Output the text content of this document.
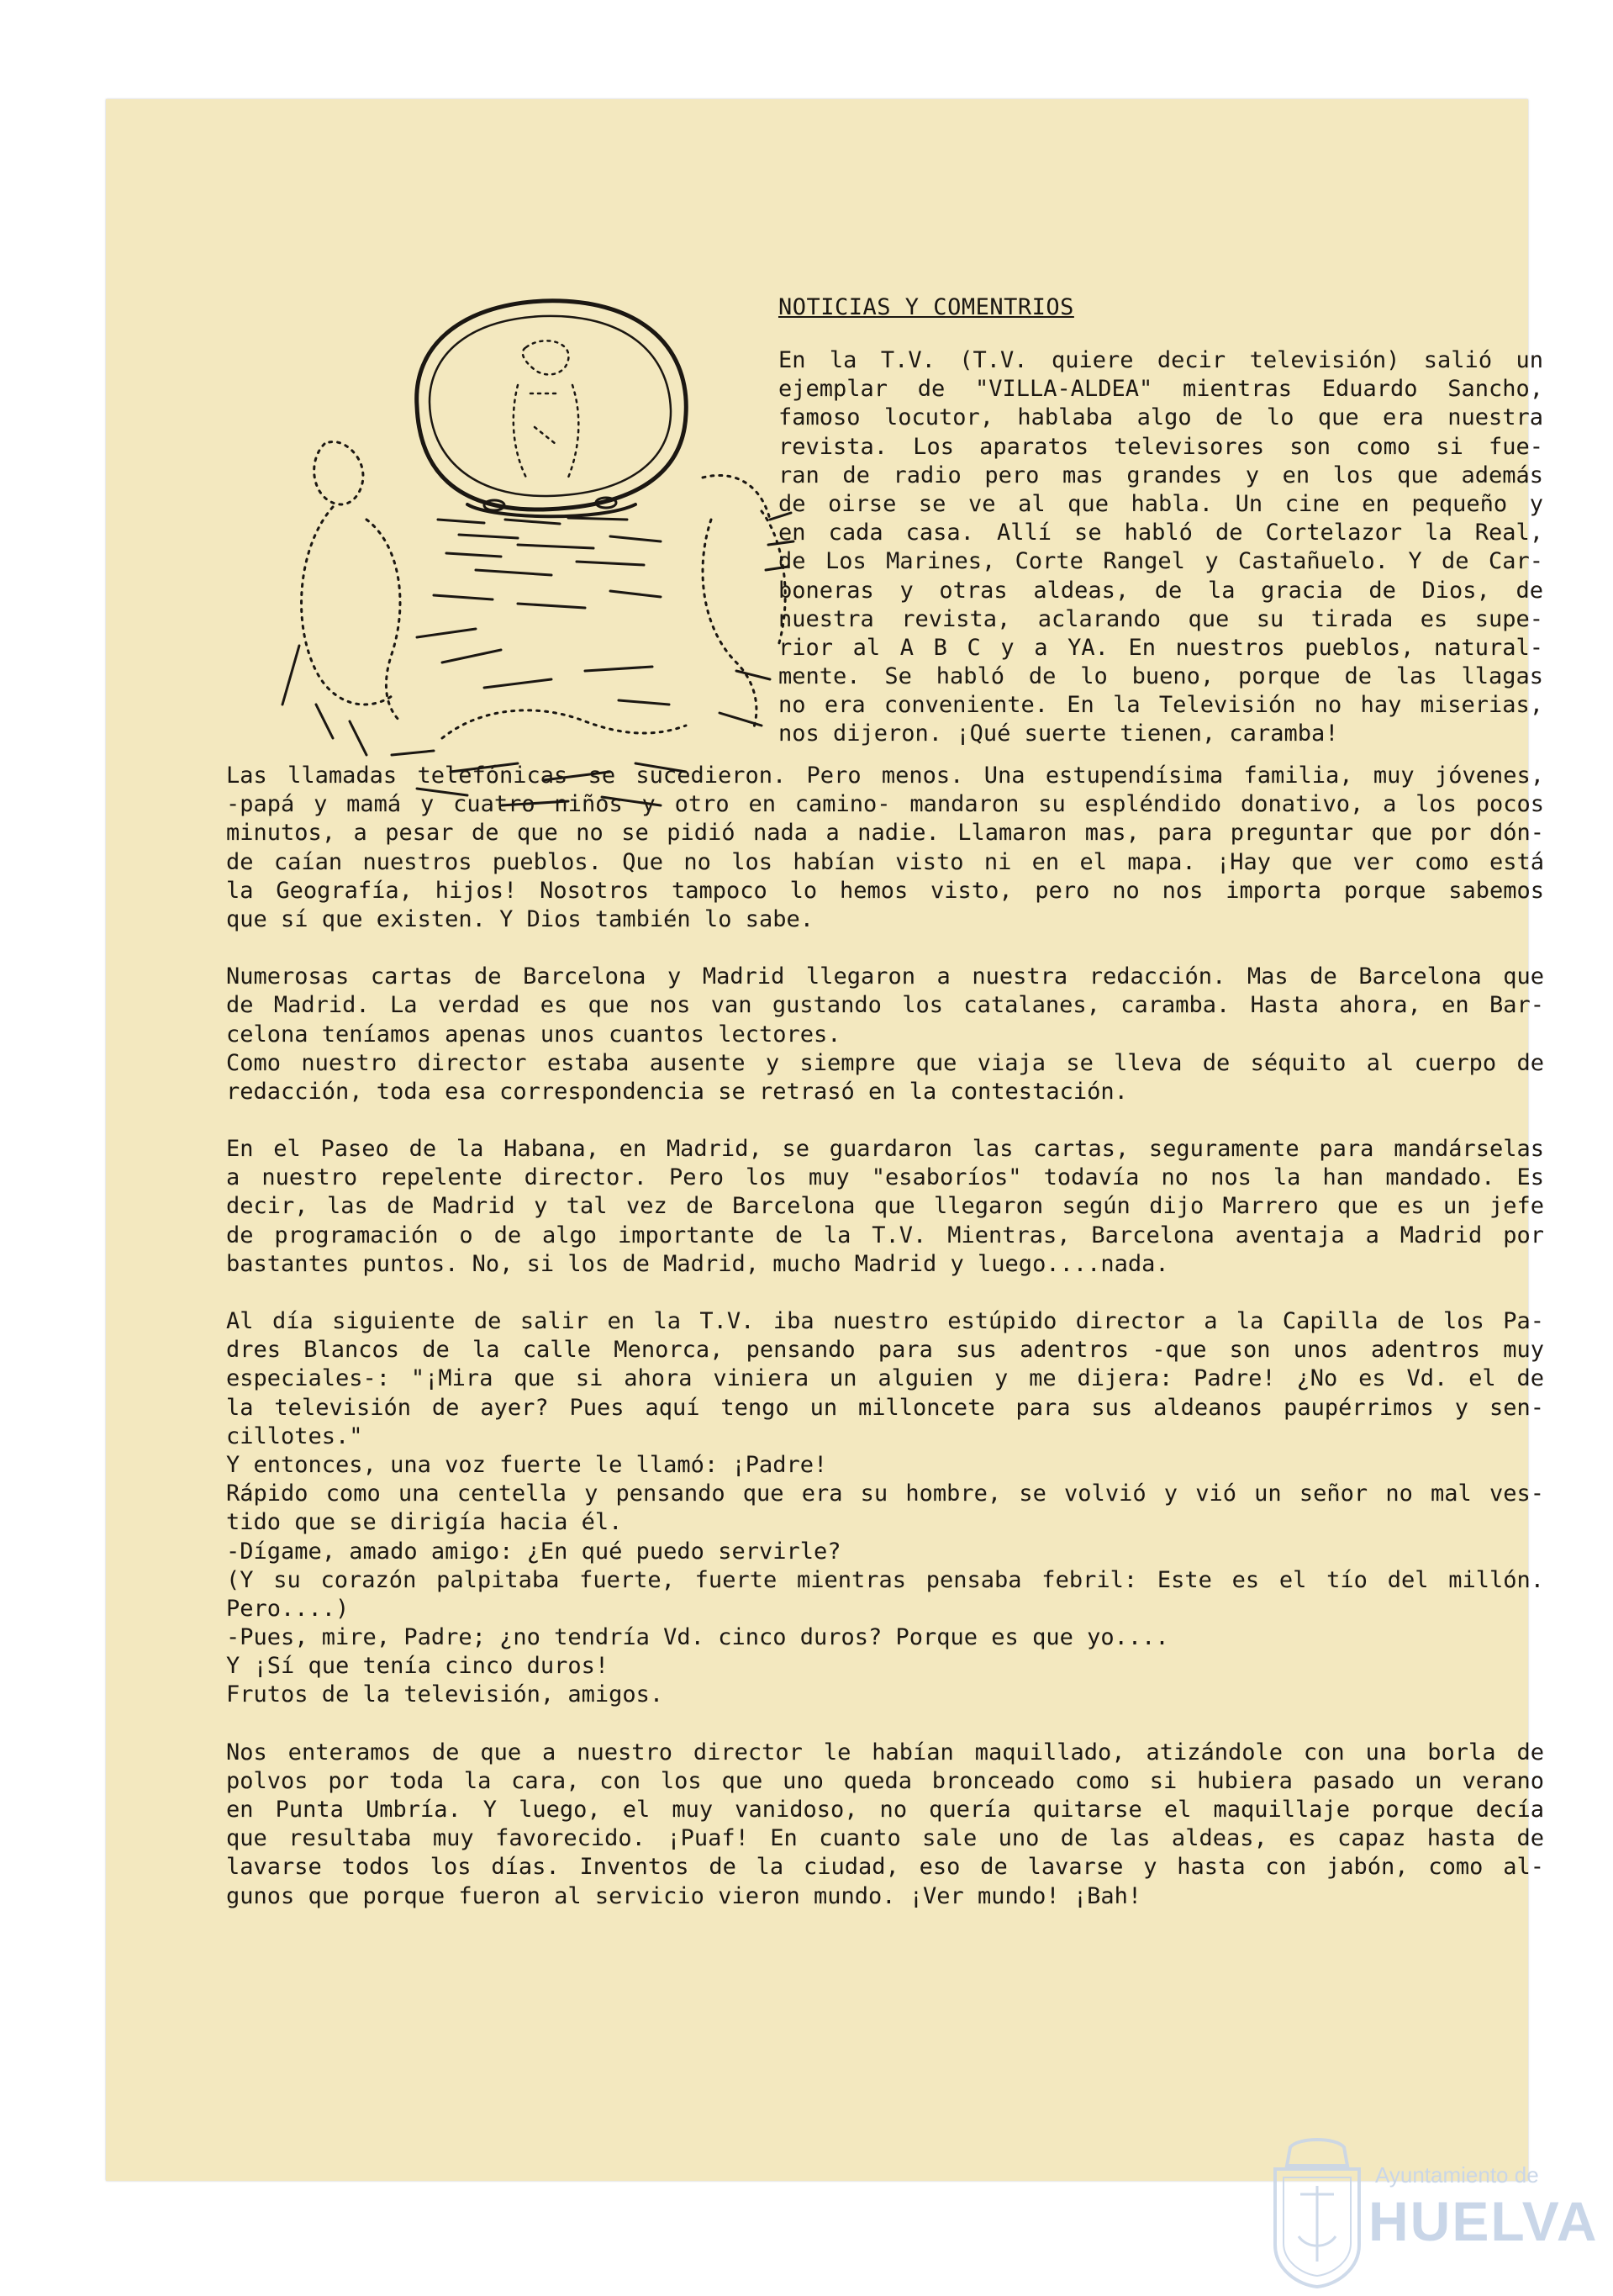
NOTICIAS Y COMENTRIOS
En la T.V. (T.V. quiere decir televisión) salió un
ejemplar de "VILLA-ALDEA" mientras Eduardo Sancho,
famoso locutor, hablaba algo de lo que era nuestra
revista. Los aparatos televisores son como si fue-
ran de radio pero mas grandes y en los que además
de oirse se ve al que habla. Un cine en pequeño y
en cada casa. Allí se habló de Cortelazor la Real,
de Los Marines, Corte Rangel y Castañuelo. Y de Car-
boneras y otras aldeas, de la gracia de Dios, de
nuestra revista, aclarando que su tirada es supe-
rior al A B C y a YA. En nuestros pueblos, natural-
mente. Se habló de lo bueno, porque de las llagas
no era conveniente. En la Televisión no hay miserias,
nos dijeron. ¡Qué suerte tienen, caramba!
Las llamadas telefónicas se sucedieron. Pero menos. Una estupendísima familia, muy jóvenes,
-papá y mamá y cuatro niños y otro en camino- mandaron su espléndido donativo, a los pocos
minutos, a pesar de que no se pidió nada a nadie. Llamaron mas, para preguntar que por dón-
de caían nuestros pueblos. Que no los habían visto ni en el mapa. ¡Hay que ver como está
la Geografía, hijos! Nosotros tampoco lo hemos visto, pero no nos importa porque sabemos
que sí que existen. Y Dios también lo sabe.
Numerosas cartas de Barcelona y Madrid llegaron a nuestra redacción. Mas de Barcelona que
de Madrid. La verdad es que nos van gustando los catalanes, caramba. Hasta ahora, en Bar-
celona teníamos apenas unos cuantos lectores.
Como nuestro director estaba ausente y siempre que viaja se lleva de séquito al cuerpo de
redacción, toda esa correspondencia se retrasó en la contestación.
En el Paseo de la Habana, en Madrid, se guardaron las cartas, seguramente para mandárselas
a nuestro repelente director. Pero los muy "esaboríos" todavía no nos la han mandado. Es
decir, las de Madrid y tal vez de Barcelona que llegaron según dijo Marrero que es un jefe
de programación o de algo importante de la T.V. Mientras, Barcelona aventaja a Madrid por
bastantes puntos. No, si los de Madrid, mucho Madrid y luego....nada.
Al día siguiente de salir en la T.V. iba nuestro estúpido director a la Capilla de los Pa-
dres Blancos de la calle Menorca, pensando para sus adentros -que son unos adentros muy
especiales-: "¡Mira que si ahora viniera un alguien y me dijera: Padre! ¿No es Vd. el de
la televisión de ayer? Pues aquí tengo un milloncete para sus aldeanos paupérrimos y sen-
cillotes."
Y entonces, una voz fuerte le llamó: ¡Padre!
Rápido como una centella y pensando que era su hombre, se volvió y vió un señor no mal ves-
tido que se dirigía hacia él.
-Dígame, amado amigo: ¿En qué puedo servirle?
(Y su corazón palpitaba fuerte, fuerte mientras pensaba febril: Este es el tío del millón.
Pero....)
-Pues, mire, Padre; ¿no tendría Vd. cinco duros? Porque es que yo....
Y ¡Sí que tenía cinco duros!
Frutos de la televisión, amigos.
Nos enteramos de que a nuestro director le habían maquillado, atizándole con una borla de
polvos por toda la cara, con los que uno queda bronceado como si hubiera pasado un verano
en Punta Umbría. Y luego, el muy vanidoso, no quería quitarse el maquillaje porque decía
que resultaba muy favorecido. ¡Puaf! En cuanto sale uno de las aldeas, es capaz hasta de
lavarse todos los días. Inventos de la ciudad, eso de lavarse y hasta con jabón, como al-
gunos que porque fueron al servicio vieron mundo. ¡Ver mundo! ¡Bah!
Ayuntamiento de
HUELVA
